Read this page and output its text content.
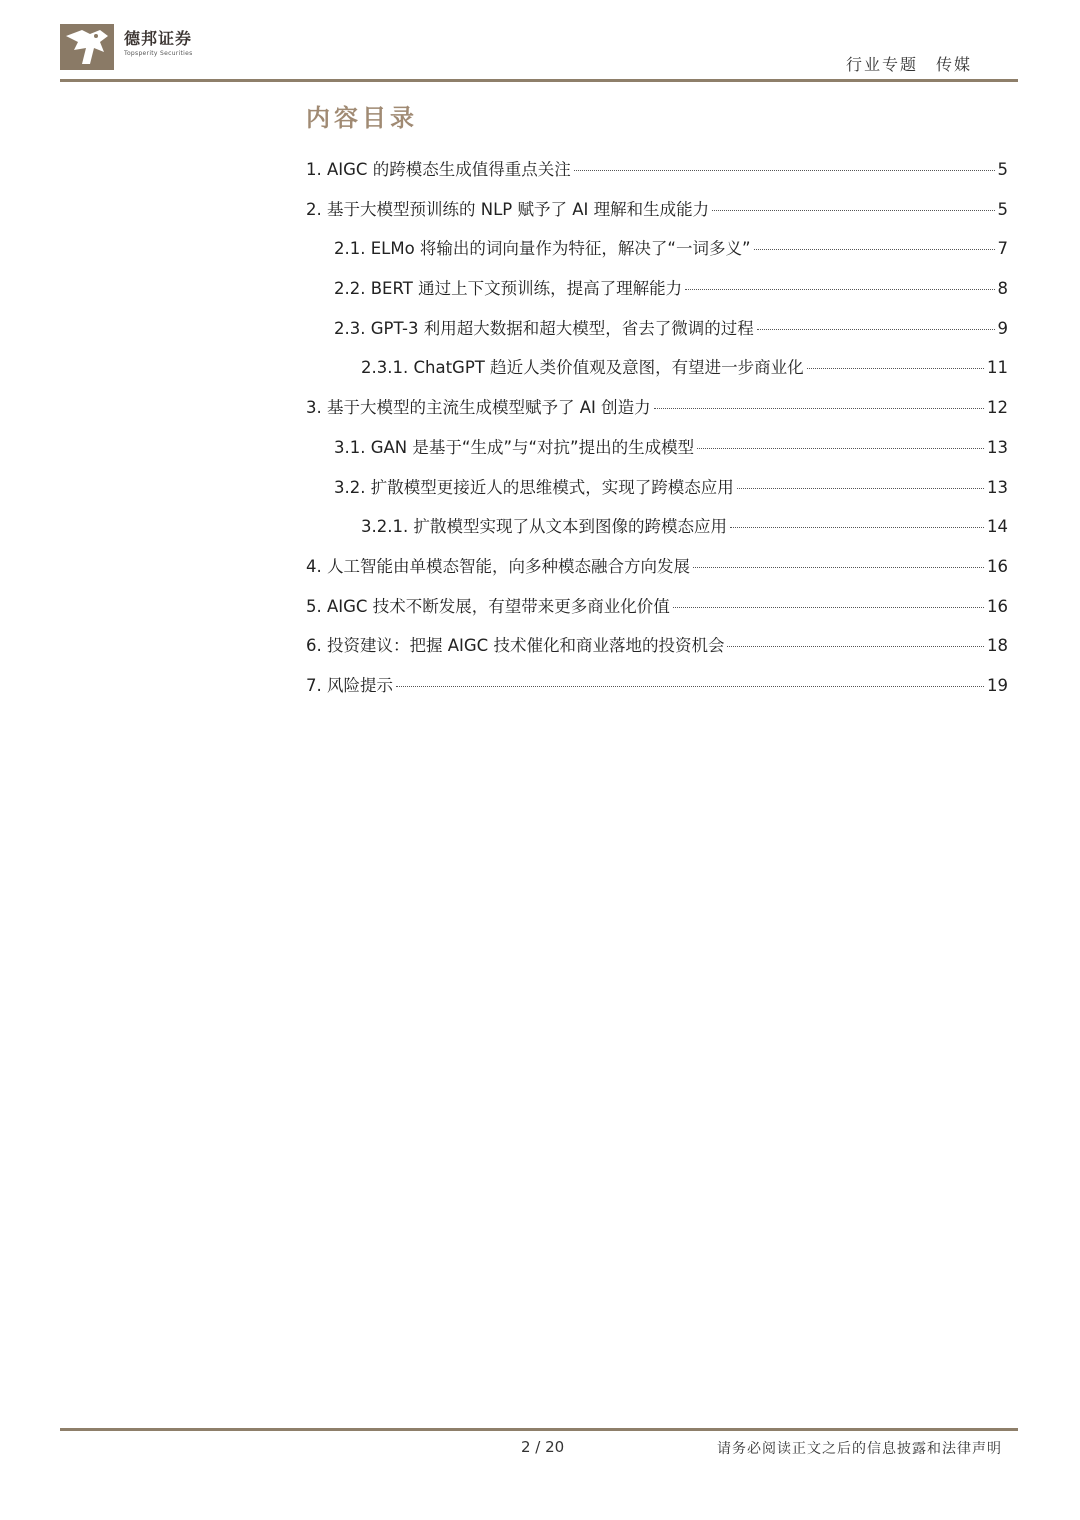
德邦证券
Topsperity Securities
行业专题 传媒
内容目录
1. AIGC 的跨模态生成值得重点关注	5
2. 基于大模型预训练的 NLP 赋予了 AI 理解和生成能力	5
2.1. ELMo 将输出的词向量作为特征，解决了“一词多义”	7
2.2. BERT 通过上下文预训练，提高了理解能力	8
2.3. GPT-3 利用超大数据和超大模型，省去了微调的过程	9
2.3.1. ChatGPT 趋近人类价值观及意图，有望进一步商业化	11
3. 基于大模型的主流生成模型赋予了 AI 创造力	12
3.1. GAN 是基于“生成”与“对抗”提出的生成模型	13
3.2. 扩散模型更接近人的思维模式，实现了跨模态应用	13
3.2.1. 扩散模型实现了从文本到图像的跨模态应用	14
4. 人工智能由单模态智能，向多种模态融合方向发展	16
5. AIGC 技术不断发展，有望带来更多商业化价值	16
6. 投资建议：把握 AIGC 技术催化和商业落地的投资机会	18
7. 风险提示	19
2 / 20	请务必阅读正文之后的信息披露和法律声明
